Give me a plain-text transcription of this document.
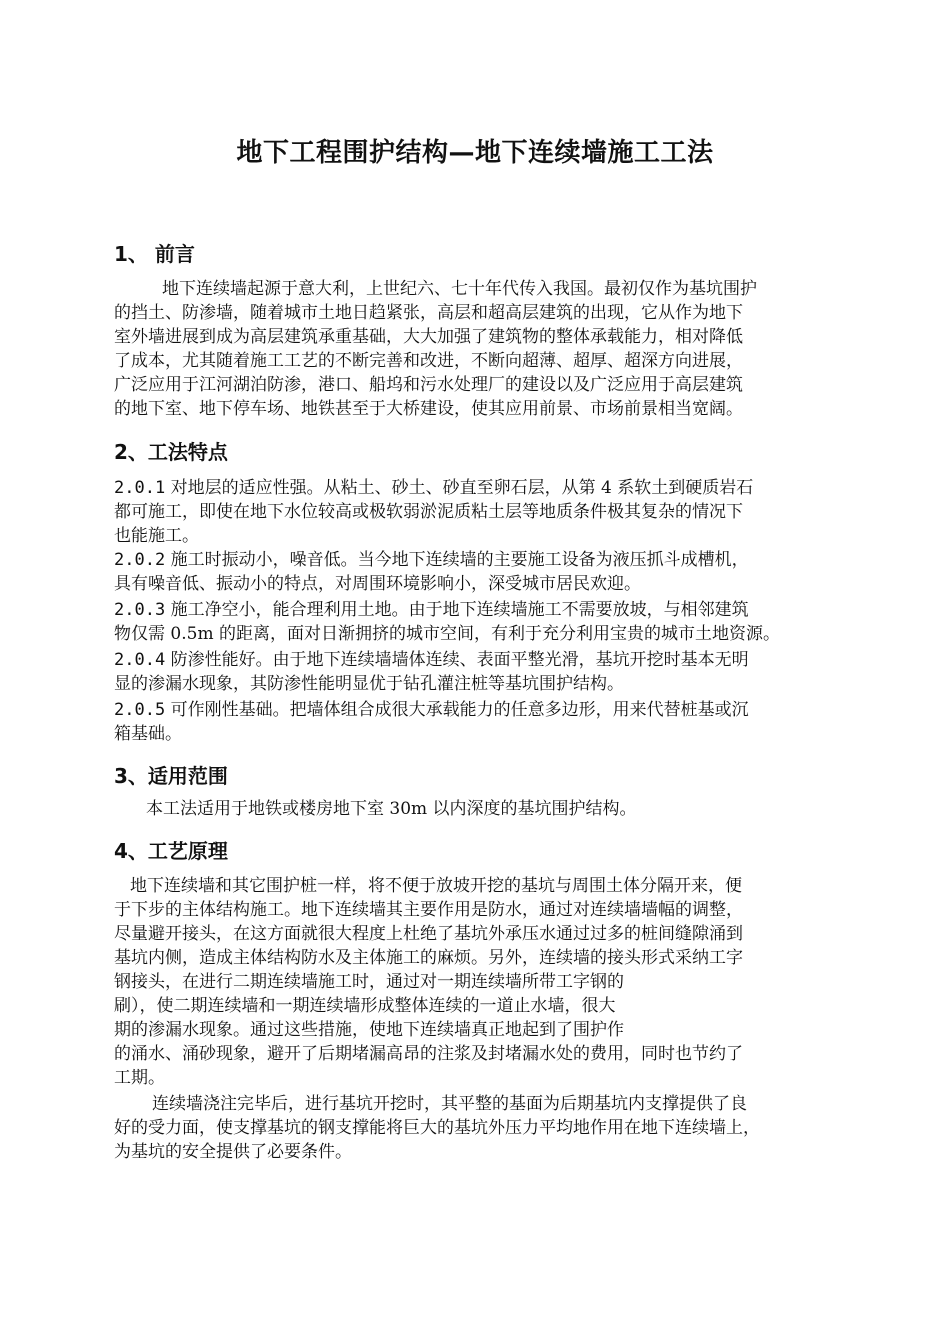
地下工程围护结构—地下连续墙施工工法
1、 前言
地下连续墙起源于意大利，上世纪六、七十年代传入我国。最初仅作为基坑围护
的挡土、防渗墙，随着城市土地日趋紧张，高层和超高层建筑的出现，它从作为地下
室外墙进展到成为高层建筑承重基础，大大加强了建筑物的整体承载能力，相对降低
了成本，尤其随着施工工艺的不断完善和改进，不断向超薄、超厚、超深方向进展，
广泛应用于江河湖泊防渗，港口、船坞和污水处理厂的建设以及广泛应用于高层建筑
的地下室、地下停车场、地铁甚至于大桥建设，使其应用前景、市场前景相当宽阔。
2、工法特点
2.0.1 对地层的适应性强。从粘土、砂土、砂直至卵石层，从第 4 系软土到硬质岩石
都可施工，即使在地下水位较高或极软弱淤泥质粘土层等地质条件极其复杂的情况下
也能施工。
2.0.2 施工时振动小，噪音低。当今地下连续墙的主要施工设备为液压抓斗成槽机，
具有噪音低、振动小的特点，对周围环境影响小，深受城市居民欢迎。
2.0.3 施工净空小，能合理利用土地。由于地下连续墙施工不需要放坡，与相邻建筑
物仅需 0.5m 的距离，面对日渐拥挤的城市空间，有利于充分利用宝贵的城市土地资源。
2.0.4 防渗性能好。由于地下连续墙墙体连续、表面平整光滑，基坑开挖时基本无明
显的渗漏水现象，其防渗性能明显优于钻孔灌注桩等基坑围护结构。
2.0.5 可作刚性基础。把墙体组合成很大承载能力的任意多边形，用来代替桩基或沉
箱基础。
3、适用范围
本工法适用于地铁或楼房地下室 30m 以内深度的基坑围护结构。
4、工艺原理
地下连续墙和其它围护桩一样，将不便于放坡开挖的基坑与周围土体分隔开来，便
于下步的主体结构施工。地下连续墙其主要作用是防水，通过对连续墙墙幅的调整，
尽量避开接头，在这方面就很大程度上杜绝了基坑外承压水通过过多的桩间缝隙涌到
基坑内侧，造成主体结构防水及主体施工的麻烦。另外，连续墙的接头形式采纳工字
钢接头，在进行二期连续墙施工时，通过对一期连续墙所带工字钢的
刷），使二期连续墙和一期连续墙形成整体连续的一道止水墙，很大
期的渗漏水现象。通过这些措施，使地下连续墙真正地起到了围护作
的涌水、涌砂现象，避开了后期堵漏高昂的注浆及封堵漏水处的费用，同时也节约了
工期。
连续墙浇注完毕后，进行基坑开挖时，其平整的基面为后期基坑内支撑提供了良
好的受力面，使支撑基坑的钢支撑能将巨大的基坑外压力平均地作用在地下连续墙上，
为基坑的安全提供了必要条件。
